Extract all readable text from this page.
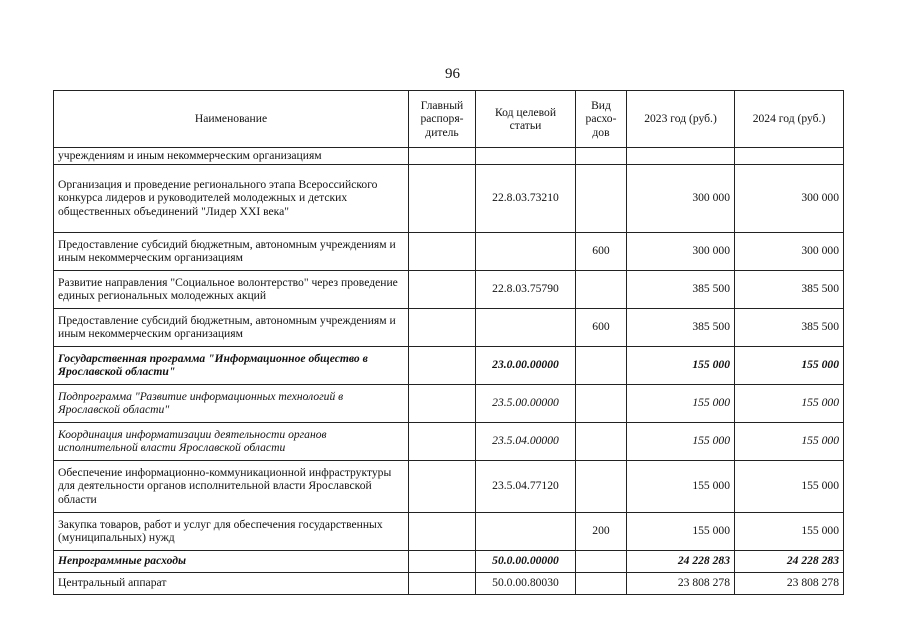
96
Наименование	Главный распоря-дитель	Код целевой статьи	Вид расхо-дов	2023 год (руб.)	2024 год (руб.)
учреждениям и иным некоммерческим организациям					
Организация и проведение регионального этапа Всероссийского конкурса лидеров и руководителей молодежных и детских общественных объединений "Лидер XXI века"		22.8.03.73210		300 000	300 000
Предоставление субсидий бюджетным, автономным учреждениям и иным некоммерческим организациям			600	300 000	300 000
Развитие направления "Социальное волонтерство" через проведение единых региональных молодежных акций		22.8.03.75790		385 500	385 500
Предоставление субсидий бюджетным, автономным учреждениям и иным некоммерческим организациям			600	385 500	385 500
Государственная программа "Информационное общество в Ярославской области"		23.0.00.00000		155 000	155 000
Подпрограмма "Развитие информационных технологий в Ярославской области"		23.5.00.00000		155 000	155 000
Координация информатизации деятельности органов исполнительной власти Ярославской области		23.5.04.00000		155 000	155 000
Обеспечение информационно-коммуникационной инфраструктуры для деятельности органов исполнительной власти Ярославской области		23.5.04.77120		155 000	155 000
Закупка товаров, работ и услуг для обеспечения государственных (муниципальных) нужд			200	155 000	155 000
Непрограммные расходы		50.0.00.00000		24 228 283	24 228 283
Центральный аппарат		50.0.00.80030		23 808 278	23 808 278
